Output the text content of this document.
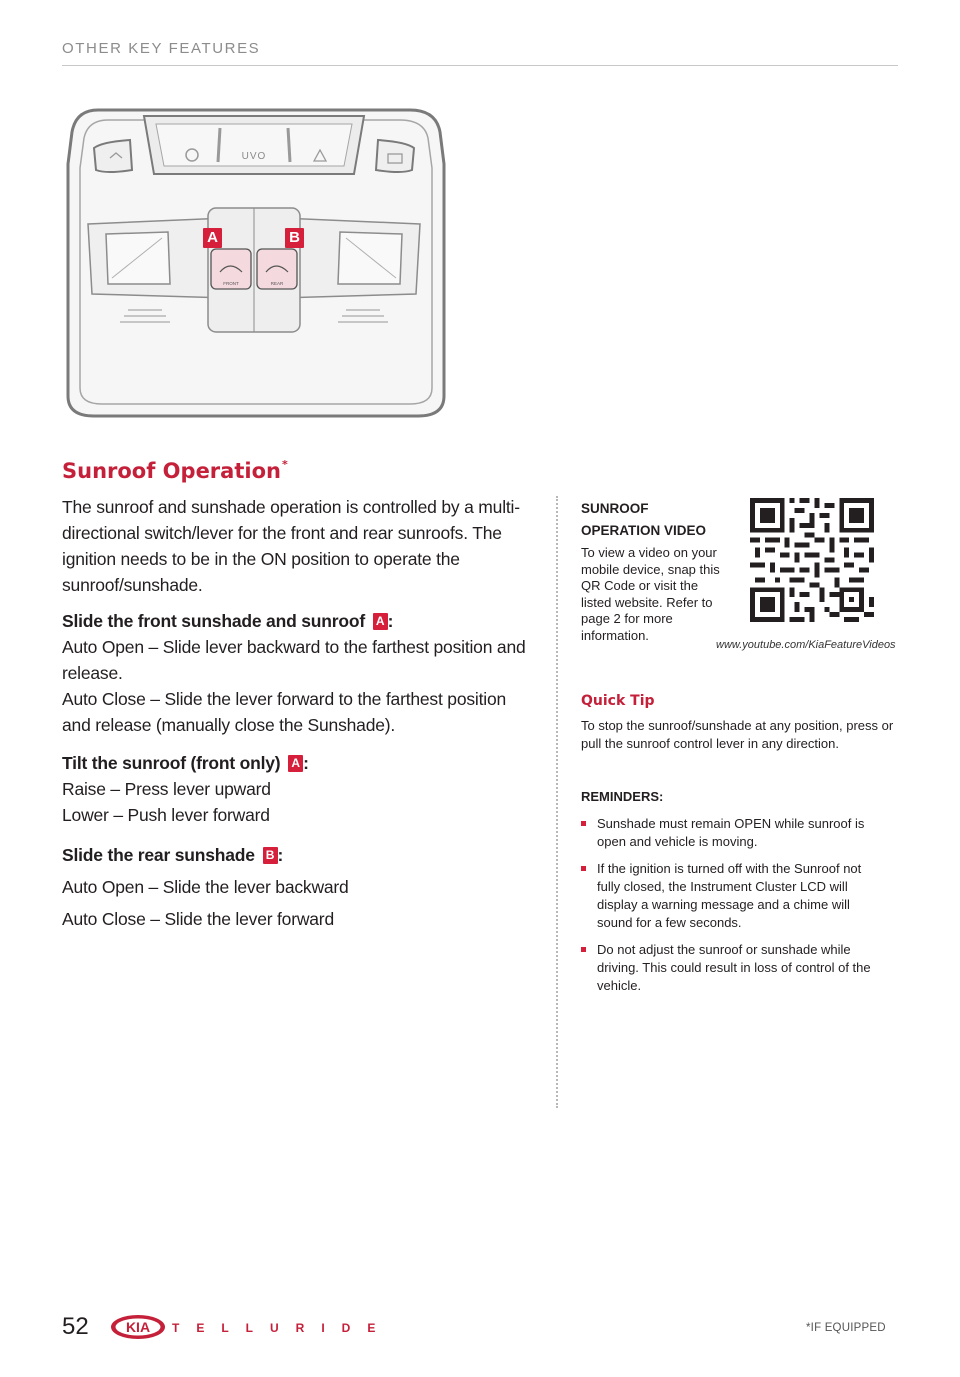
OTHER KEY FEATURES
UVO
FRONT	REAR
A	B
Sunroof Operation*

The sunroof and sunshade operation is controlled by a multi-directional switch/lever for the front and rear sunroofs. The ignition needs to be in the ON position to operate the sunroof/sunshade.

Slide the front sunshade and sunroof A :

Auto Open – Slide lever backward to the farthest position and release.

Auto Close – Slide the lever forward to the farthest position and release (manually close the Sunshade).

Tilt the sunroof (front only) A :

Raise – Press lever upward

Lower – Push lever forward

Slide the rear sunshade B :

Auto Open – Slide the lever backward

Auto Close – Slide the lever forward

SUNROOF OPERATION VIDEO
To view a video on your mobile device, snap this QR Code or visit the listed website. Refer to page 2 for more information.
www.youtube.com/KiaFeatureVideos
Quick Tip
To stop the sunroof/sunshade at any position, press or pull the sunroof control lever in any direction.
REMINDERS:
Sunshade must remain OPEN while sunroof is open and vehicle is moving.
If the ignition is turned off with the Sunroof not fully closed, the Instrument Cluster LCD will display a warning message and a chime will sound for a few seconds.
Do not adjust the sunroof or sunshade while driving. This could result in loss of control of the vehicle.
52	KIA TELLURIDE	*IF EQUIPPED
